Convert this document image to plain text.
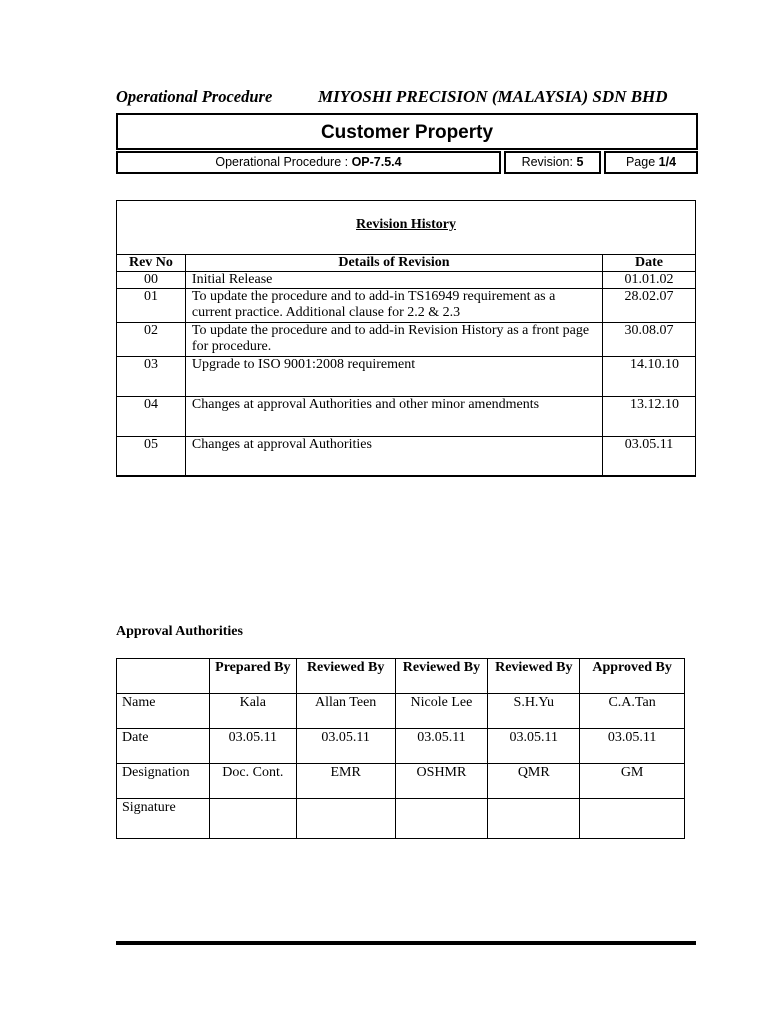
Operational Procedure	MIYOSHI PRECISION (MALAYSIA) SDN BHD
Customer Property
Operational Procedure : OP-7.5.4	Revision: 5	Page 1/4
Revision History
Rev No	Details of Revision	Date
00	Initial Release	01.01.02
01	To update the procedure and to add-in TS16949 requirement as a current practice. Additional clause for 2.2 & 2.3	28.02.07
02	To update the procedure and to add-in Revision History as a front page for procedure.	30.08.07
03	Upgrade to ISO 9001:2008 requirement	14.10.10
04	Changes at approval Authorities and other minor amendments	13.12.10
05	Changes at approval Authorities	03.05.11
Approval Authorities
	Prepared By	Reviewed By	Reviewed By	Reviewed By	Approved By
Name	Kala	Allan Teen	Nicole Lee	S.H.Yu	C.A.Tan
Date	03.05.11	03.05.11	03.05.11	03.05.11	03.05.11
Designation	Doc. Cont.	EMR	OSHMR	QMR	GM
Signature					
